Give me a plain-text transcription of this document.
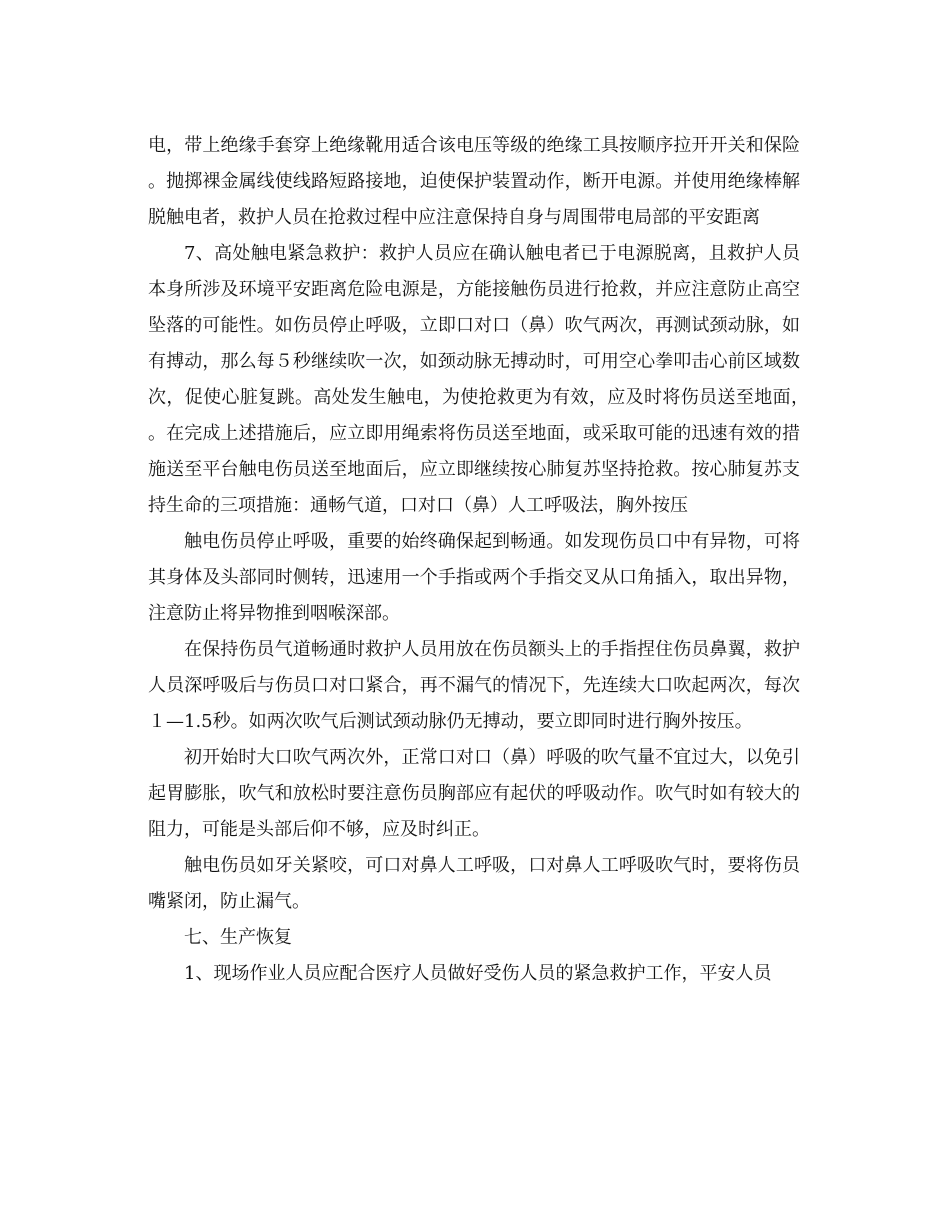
电，带上绝缘手套穿上绝缘靴用适合该电压等级的绝缘工具按顺序拉开开关和保险。抛掷裸金属线使线路短路接地，迫使保护装置动作，断开电源。并使用绝缘棒解脱触电者，救护人员在抢救过程中应注意保持自身与周围带电局部的平安距离

7、高处触电紧急救护：救护人员应在确认触电者已于电源脱离，且救护人员本身所涉及环境平安距离危险电源是，方能接触伤员进行抢救，并应注意防止高空坠落的可能性。如伤员停止呼吸，立即口对口（鼻）吹气两次，再测试颈动脉，如有搏动，那么每５秒继续吹一次，如颈动脉无搏动时，可用空心拳叩击心前区域数次，促使心脏复跳。高处发生触电，为使抢救更为有效，应及时将伤员送至地面，。在完成上述措施后，应立即用绳索将伤员送至地面，或采取可能的迅速有效的措施送至平台触电伤员送至地面后，应立即继续按心肺复苏坚持抢救。按心肺复苏支持生命的三项措施：通畅气道，口对口（鼻）人工呼吸法，胸外按压

触电伤员停止呼吸，重要的始终确保起到畅通。如发现伤员口中有异物，可将其身体及头部同时侧转，迅速用一个手指或两个手指交叉从口角插入，取出异物，注意防止将异物推到咽喉深部。

在保持伤员气道畅通时救护人员用放在伤员额头上的手指捏住伤员鼻翼，救护人员深呼吸后与伤员口对口紧合，再不漏气的情况下，先连续大口吹起两次，每次１—1.5秒。如两次吹气后测试颈动脉仍无搏动，要立即同时进行胸外按压。

初开始时大口吹气两次外，正常口对口（鼻）呼吸的吹气量不宜过大，以免引起胃膨胀，吹气和放松时要注意伤员胸部应有起伏的呼吸动作。吹气时如有较大的阻力，可能是头部后仰不够，应及时纠正。

触电伤员如牙关紧咬，可口对鼻人工呼吸，口对鼻人工呼吸吹气时，要将伤员嘴紧闭，防止漏气。

七、生产恢复

1、现场作业人员应配合医疗人员做好受伤人员的紧急救护工作，平安人员
